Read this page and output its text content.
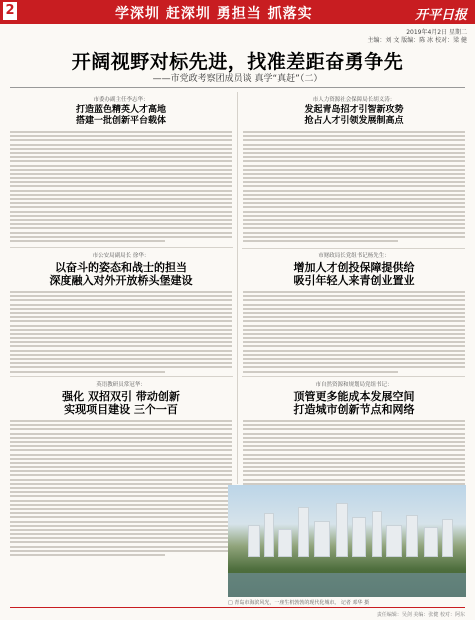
2	学深圳 赶深圳 勇担当 抓落实	开平日报
2019年4月2日 星期二
主编：刘 文 版编：陈 冰 校对：梁 健
开阔视野对标先进，找准差距奋勇争先
——市党政考察团成员谈 真学“真赶”（二）
市委办副主任李志华：
打造蓝色精英人才高地
搭建一批创新平台载体
市人力资源社会保障局长胡义涛：
发起青岛招才引智新攻势
抢占人才引领发展制高点
市公安局副局长 徐华：
以奋斗的姿态和战士的担当
深度融入对外开放桥头堡建设
市财政局长党组书记杨先生：
增加人才创投保障提供给
吸引年轻人来青创业置业
英语教研员常冠华：
强化 双招双引 带动创新
实现项目建设 三个一百
市自然资源和规划局党组书记：
顶管更多能成本发展空间
打造城市创新节点和网络
□ 青岛市海滨风光，一座生机勃勃的现代化城市。 记者 邓华 摄
责任编辑：吴剑 美编：张健 校对：阿东
